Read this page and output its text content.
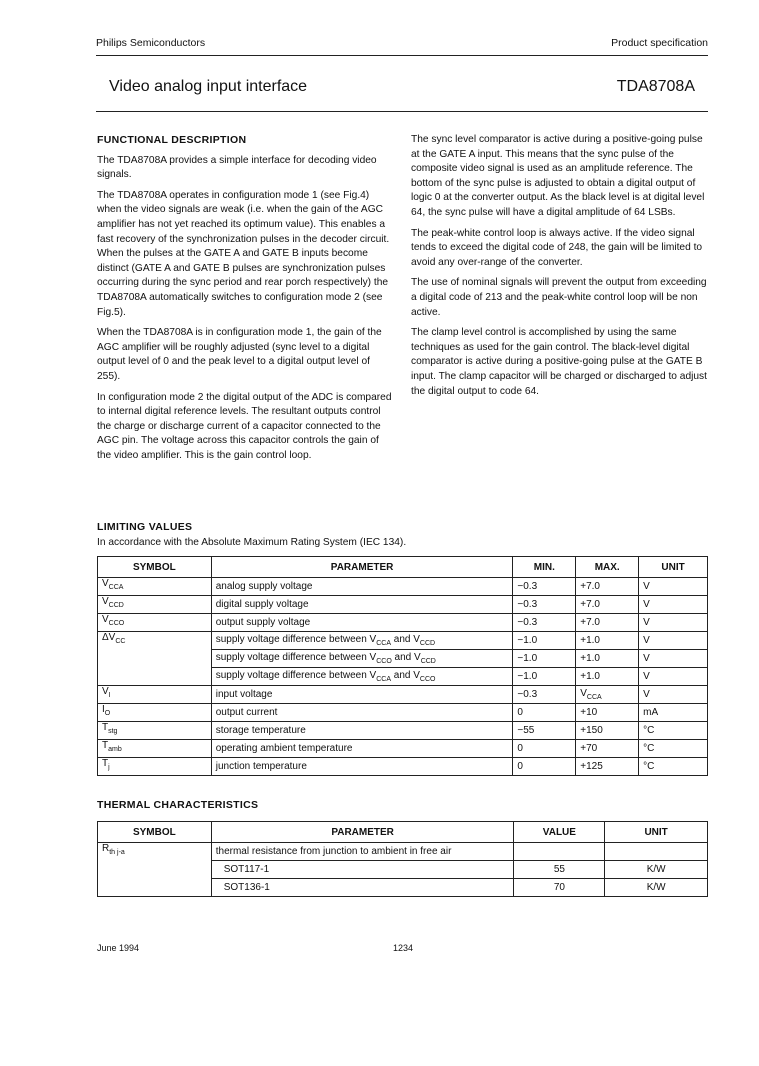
Philips Semiconductors	Product specification
Video analog input interface	TDA8708A
FUNCTIONAL DESCRIPTION

The TDA8708A provides a simple interface for decoding video signals.

The TDA8708A operates in configuration mode 1 (see Fig.4) when the video signals are weak (i.e. when the gain of the AGC amplifier has not yet reached its optimum value). This enables a fast recovery of the synchronization pulses in the decoder circuit. When the pulses at the GATE A and GATE B inputs become distinct (GATE A and GATE B pulses are synchronization pulses occurring during the sync period and rear porch respectively) the TDA8708A automatically switches to configuration mode 2 (see Fig.5).

When the TDA8708A is in configuration mode 1, the gain of the AGC amplifier will be roughly adjusted (sync level to a digital output level of 0 and the peak level to a digital output level of 255).

In configuration mode 2 the digital output of the ADC is compared to internal digital reference levels. The resultant outputs control the charge or discharge current of a capacitor connected to the AGC pin. The voltage across this capacitor controls the gain of the video amplifier. This is the gain control loop.

The sync level comparator is active during a positive-going pulse at the GATE A input. This means that the sync pulse of the composite video signal is used as an amplitude reference. The bottom of the sync pulse is adjusted to obtain a digital output of logic 0 at the converter output. As the black level is at digital level 64, the sync pulse will have a digital amplitude of 64 LSBs.

The peak-white control loop is always active. If the video signal tends to exceed the digital code of 248, the gain will be limited to avoid any over-range of the converter.

The use of nominal signals will prevent the output from exceeding a digital code of 213 and the peak-white control loop will be non active.

The clamp level control is accomplished by using the same techniques as used for the gain control. The black-level digital comparator is active during a positive-going pulse at the GATE B input. The clamp capacitor will be charged or discharged to adjust the digital output to code 64.

LIMITING VALUES
In accordance with the Absolute Maximum Rating System (IEC 134).
SYMBOL	PARAMETER	MIN.	MAX.	UNIT
$V_{CCA}$	analog supply voltage	−0.3	+7.0	V
$V_{CCD}$	digital supply voltage	−0.3	+7.0	V
$V_{CCO}$	output supply voltage	−0.3	+7.0	V
$\Delta V_{CC}$	supply voltage difference between $V_{CCA}$ and $V_{CCD}$	−1.0	+1.0	V
	supply voltage difference between $V_{CCO}$ and $V_{CCD}$	−1.0	+1.0	V
	supply voltage difference between $V_{CCA}$ and $V_{CCO}$	−1.0	+1.0	V
$V_I$	input voltage	−0.3	$V_{CCA}$	V
$I_O$	output current	0	+10	mA
$T_{stg}$	storage temperature	−55	+150	°C
$T_{amb}$	operating ambient temperature	0	+70	°C
$T_j$	junction temperature	0	+125	°C
THERMAL CHARACTERISTICS
SYMBOL	PARAMETER	VALUE	UNIT
$R_{th j-a}$	thermal resistance from junction to ambient in free air		
	SOT117-1	55	K/W
	SOT136-1	70	K/W
June 1994	1234
